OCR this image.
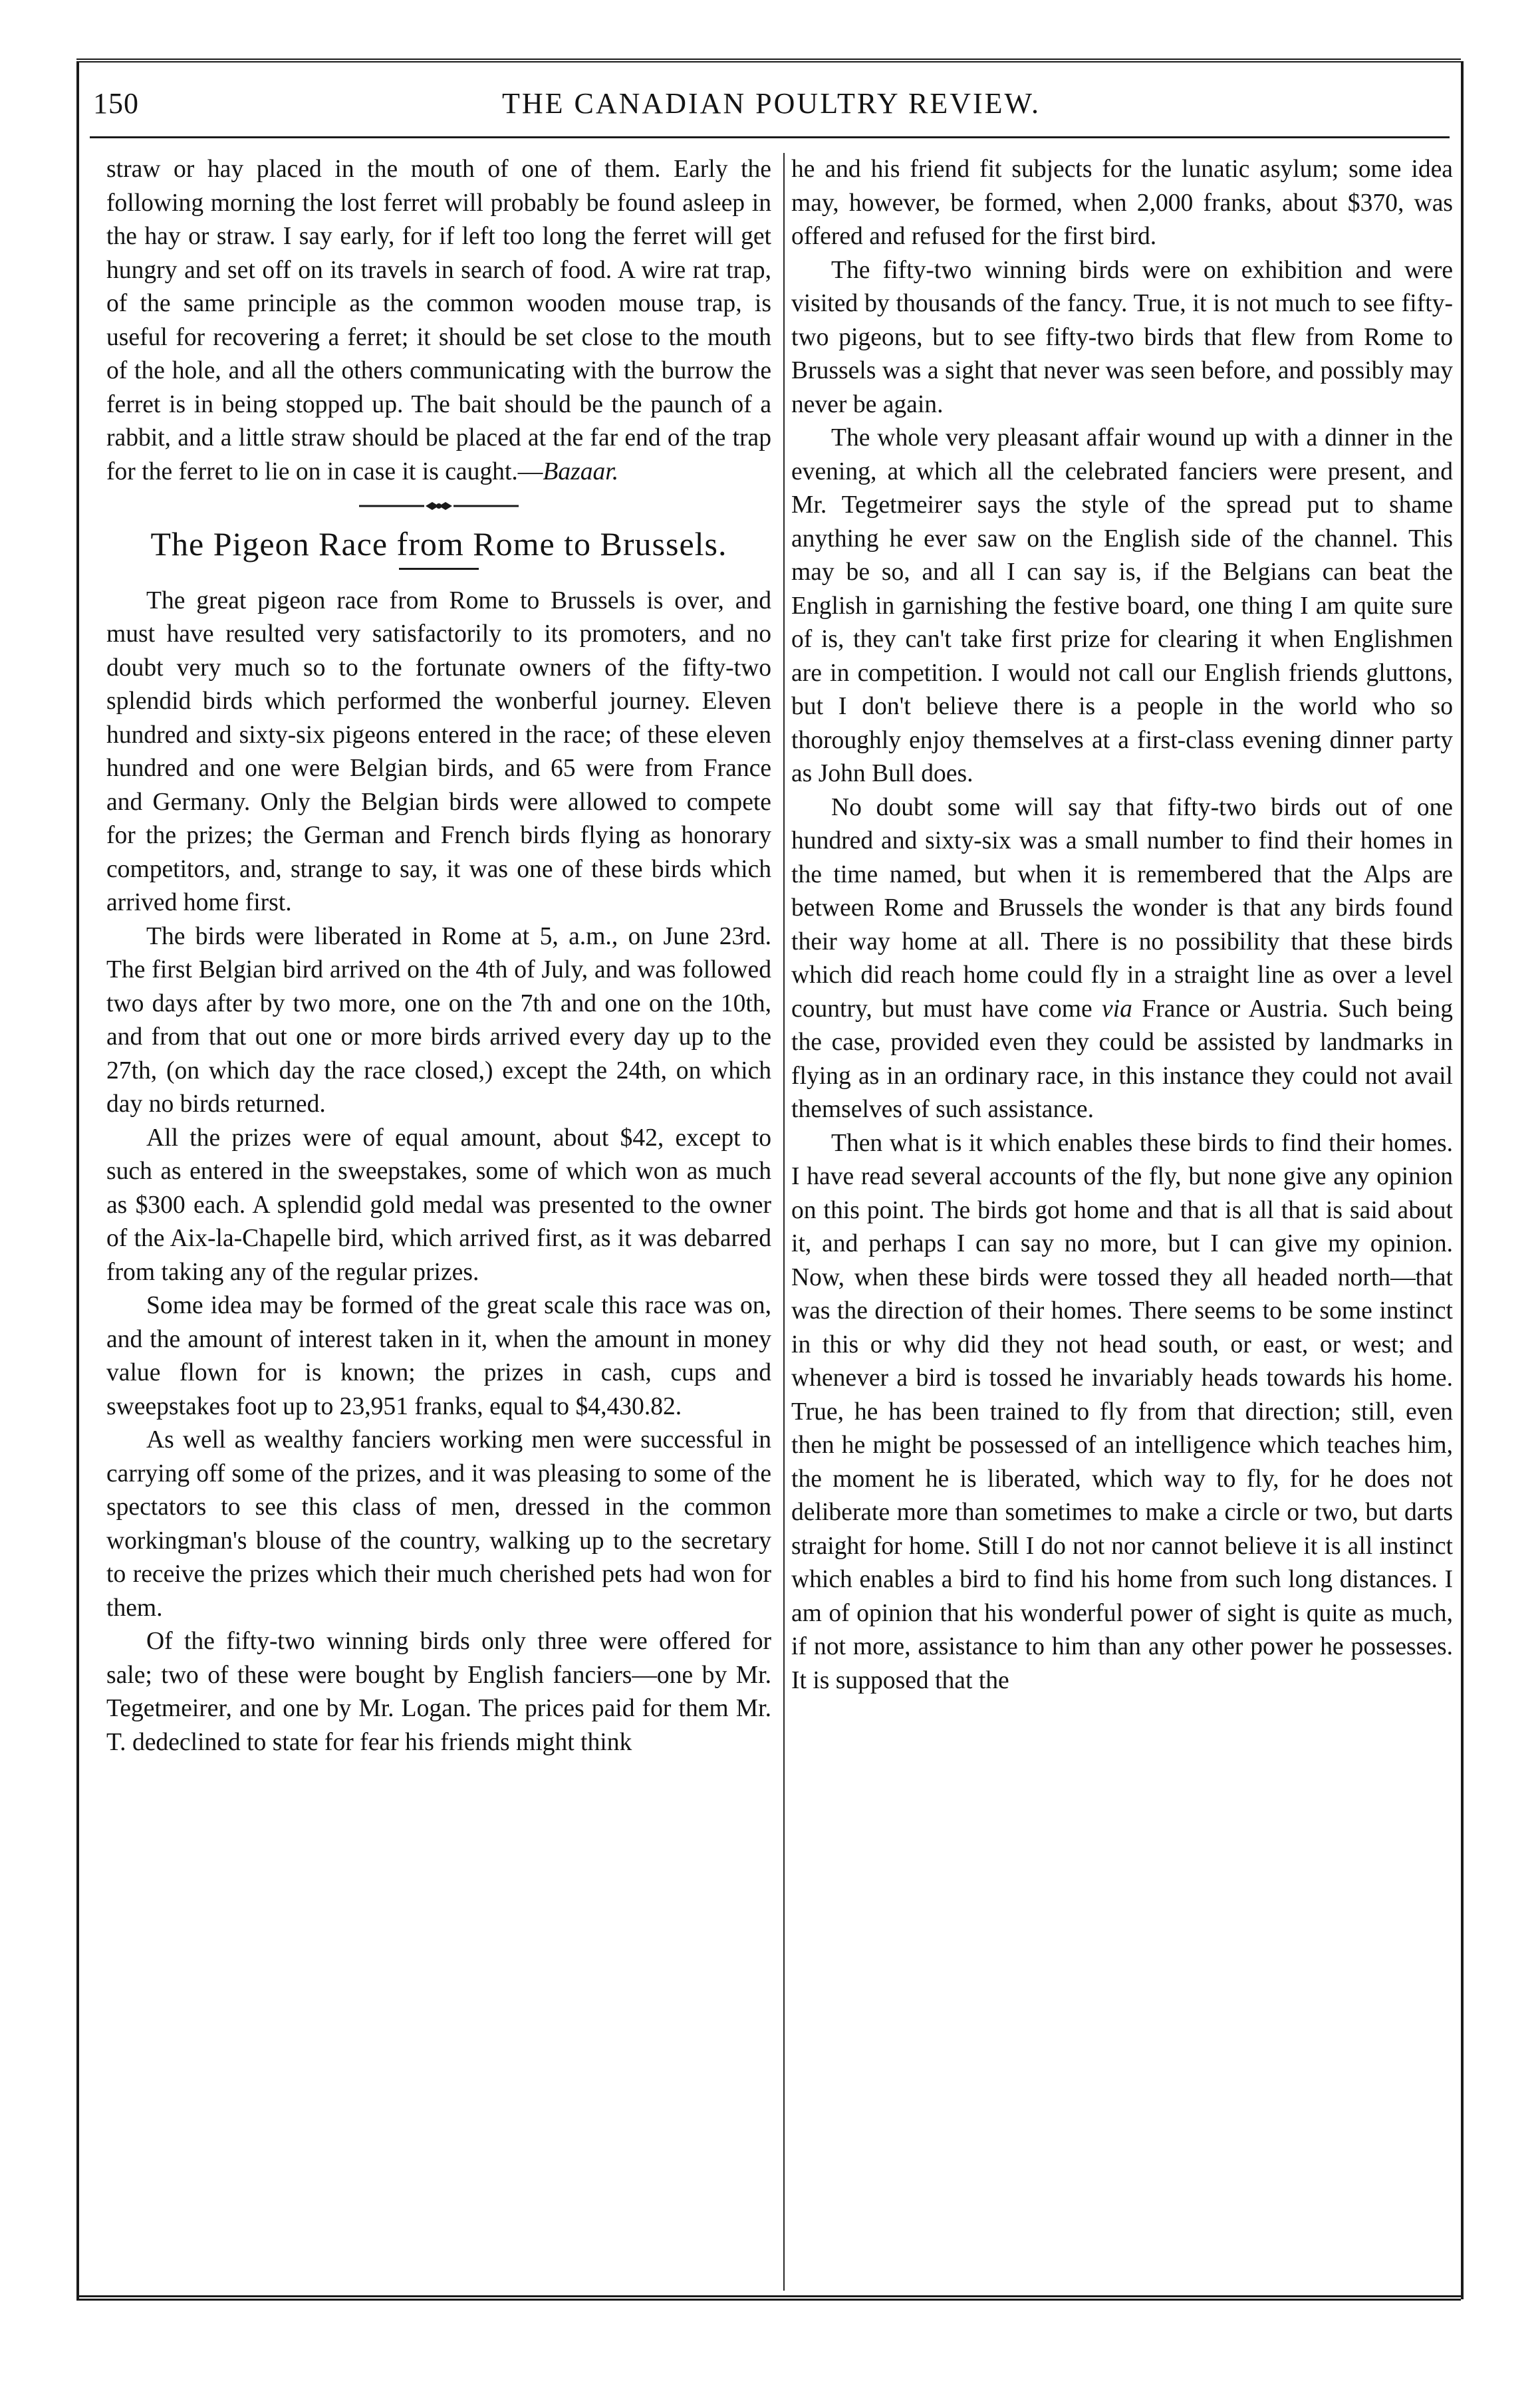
150	THE CANADIAN POULTRY REVIEW.

straw or hay placed in the mouth of one of them. Early the following morning the lost ferret will probably be found asleep in the hay or straw. I say early, for if left too long the ferret will get hungry and set off on its travels in search of food. A wire rat trap, of the same principle as the common wooden mouse trap, is useful for recovering a ferret; it should be set close to the mouth of the hole, and all the others communicating with the burrow the ferret is in being stopped up. The bait should be the paunch of a rabbit, and a little straw should be placed at the far end of the trap for the ferret to lie on in case it is caught.—Bazaar.

The Pigeon Race from Rome to Brussels.

The great pigeon race from Rome to Brussels is over, and must have resulted very satisfactorily to its promoters, and no doubt very much so to the fortunate owners of the fifty-two splendid birds which performed the wonberful journey. Eleven hundred and sixty-six pigeons entered in the race; of these eleven hundred and one were Belgian birds, and 65 were from France and Germany. Only the Belgian birds were allowed to compete for the prizes; the German and French birds flying as honorary competitors, and, strange to say, it was one of these birds which arrived home first.

The birds were liberated in Rome at 5, a.m., on June 23rd. The first Belgian bird arrived on the 4th of July, and was followed two days after by two more, one on the 7th and one on the 10th, and from that out one or more birds arrived every day up to the 27th, (on which day the race closed,) except the 24th, on which day no birds returned.

All the prizes were of equal amount, about $42, except to such as entered in the sweepstakes, some of which won as much as $300 each. A splendid gold medal was presented to the owner of the Aix-la-Chapelle bird, which arrived first, as it was debarred from taking any of the regular prizes.

Some idea may be formed of the great scale this race was on, and the amount of interest taken in it, when the amount in money value flown for is known; the prizes in cash, cups and sweepstakes foot up to 23,951 franks, equal to $4,430.82.

As well as wealthy fanciers working men were successful in carrying off some of the prizes, and it was pleasing to some of the spectators to see this class of men, dressed in the common workingman's blouse of the country, walking up to the secretary to receive the prizes which their much cherished pets had won for them.

Of the fifty-two winning birds only three were offered for sale; two of these were bought by English fanciers—one by Mr. Tegetmeirer, and one by Mr. Logan. The prices paid for them Mr. T. dedeclined to state for fear his friends might think

he and his friend fit subjects for the lunatic asylum; some idea may, however, be formed, when 2,000 franks, about $370, was offered and refused for the first bird.

The fifty-two winning birds were on exhibition and were visited by thousands of the fancy. True, it is not much to see fifty-two pigeons, but to see fifty-two birds that flew from Rome to Brussels was a sight that never was seen before, and possibly may never be again.

The whole very pleasant affair wound up with a dinner in the evening, at which all the celebrated fanciers were present, and Mr. Tegetmeirer says the style of the spread put to shame anything he ever saw on the English side of the channel. This may be so, and all I can say is, if the Belgians can beat the English in garnishing the festive board, one thing I am quite sure of is, they can't take first prize for clearing it when Englishmen are in competition. I would not call our English friends gluttons, but I don't believe there is a people in the world who so thoroughly enjoy themselves at a first-class evening dinner party as John Bull does.

No doubt some will say that fifty-two birds out of one hundred and sixty-six was a small number to find their homes in the time named, but when it is remembered that the Alps are between Rome and Brussels the wonder is that any birds found their way home at all. There is no possibility that these birds which did reach home could fly in a straight line as over a level country, but must have come via France or Austria. Such being the case, provided even they could be assisted by landmarks in flying as in an ordinary race, in this instance they could not avail themselves of such assistance.

Then what is it which enables these birds to find their homes. I have read several accounts of the fly, but none give any opinion on this point. The birds got home and that is all that is said about it, and perhaps I can say no more, but I can give my opinion. Now, when these birds were tossed they all headed north—that was the direction of their homes. There seems to be some instinct in this or why did they not head south, or east, or west; and whenever a bird is tossed he invariably heads towards his home. True, he has been trained to fly from that direction; still, even then he might be possessed of an intelligence which teaches him, the moment he is liberated, which way to fly, for he does not deliberate more than sometimes to make a circle or two, but darts straight for home. Still I do not nor cannot believe it is all instinct which enables a bird to find his home from such long distances. I am of opinion that his wonderful power of sight is quite as much, if not more, assistance to him than any other power he possesses. It is supposed that the
